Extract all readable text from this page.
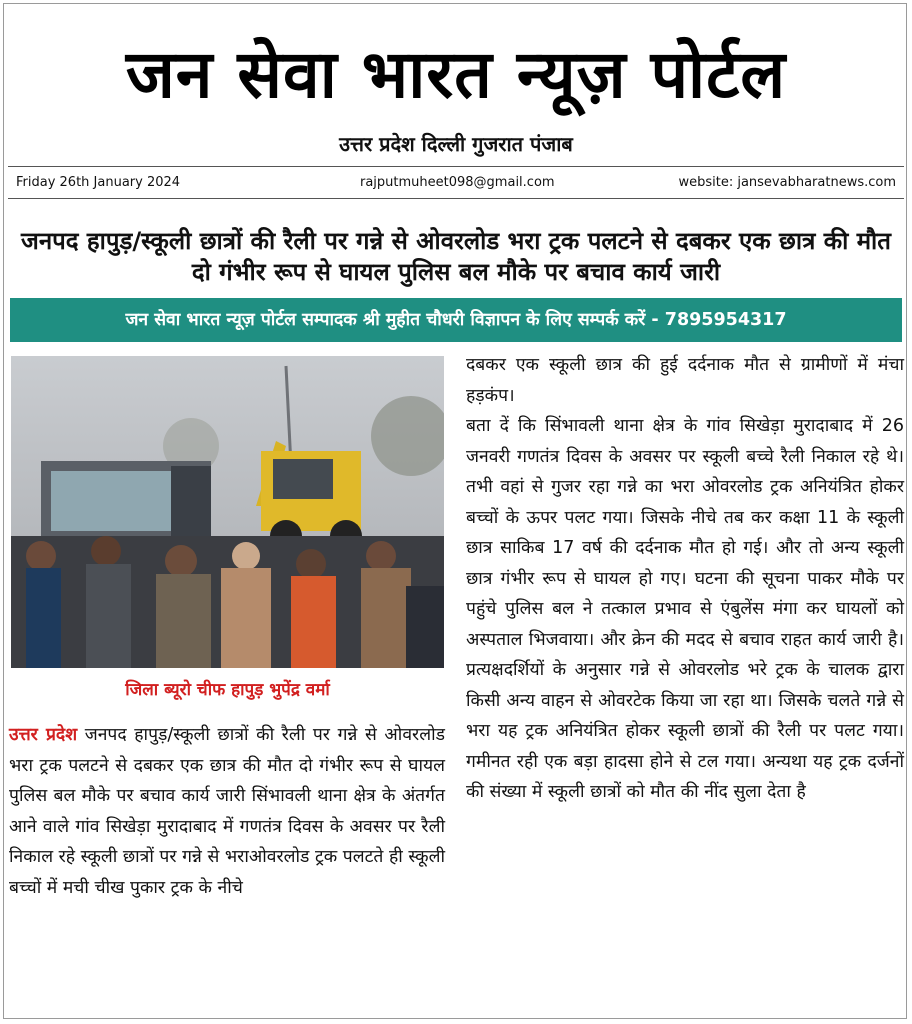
जन सेवा भारत न्यूज़ पोर्टल
उत्तर प्रदेश दिल्ली गुजरात पंजाब
Friday 26th January 2024	rajputmuheet098@gmail.com	website: jansevabharatnews.com
जनपद हापुड़/स्कूली छात्रों की रैली पर गन्ने से ओवरलोड भरा ट्रक पलटने से दबकर एक छात्र की मौत दो गंभीर रूप से घायल पुलिस बल मौके पर बचाव कार्य जारी
जन सेवा भारत न्यूज़ पोर्टल सम्पादक श्री मुहीत चौधरी विज्ञापन के लिए सम्पर्क करें - 7895954317
जिला ब्यूरो चीफ हापुड़ भुपेंद्र वर्मा

उत्तर प्रदेश जनपद हापुड़/स्कूली छात्रों की रैली पर गन्ने से ओवरलोड भरा ट्रक पलटने से दबकर एक छात्र की मौत दो गंभीर रूप से घायल पुलिस बल मौके पर बचाव कार्य जारी सिंभावली थाना क्षेत्र के अंतर्गत आने वाले गांव सिखेड़ा मुरादाबाद में गणतंत्र दिवस के अवसर पर रैली निकाल रहे स्कूली छात्रों पर गन्ने से भराओवरलोड ट्रक पलटते ही स्कूली बच्चों में मची चीख पुकार ट्रक के नीचे

दबकर एक स्कूली छात्र की हुई दर्दनाक मौत से ग्रामीणों में मंचा हड़कंप।

बता दें कि सिंभावली थाना क्षेत्र के गांव सिखेड़ा मुरादाबाद में 26 जनवरी गणतंत्र दिवस के अवसर पर स्कूली बच्चे रैली निकाल रहे थे। तभी वहां से गुजर रहा गन्ने का भरा ओवरलोड ट्रक अनियंत्रित होकर बच्चों के ऊपर पलट गया। जिसके नीचे तब कर कक्षा 11 के स्कूली छात्र साकिब 17 वर्ष की दर्दनाक मौत हो गई। और तो अन्य स्कूली छात्र गंभीर रूप से घायल हो गए। घटना की सूचना पाकर मौके पर पहुंचे पुलिस बल ने तत्काल प्रभाव से एंबुलेंस मंगा कर घायलों को अस्पताल भिजवाया। और क्रेन की मदद से बचाव राहत कार्य जारी है। प्रत्यक्षदर्शियों के अनुसार गन्ने से ओवरलोड भरे ट्रक के चालक द्वारा किसी अन्य वाहन से ओवरटेक किया जा रहा था। जिसके चलते गन्ने से भरा यह ट्रक अनियंत्रित होकर स्कूली छात्रों की रैली पर पलट गया। गमीनत रही एक बड़ा हादसा होने से टल गया। अन्यथा यह ट्रक दर्जनों की संख्या में स्कूली छात्रों को मौत की नींद सुला देता है
